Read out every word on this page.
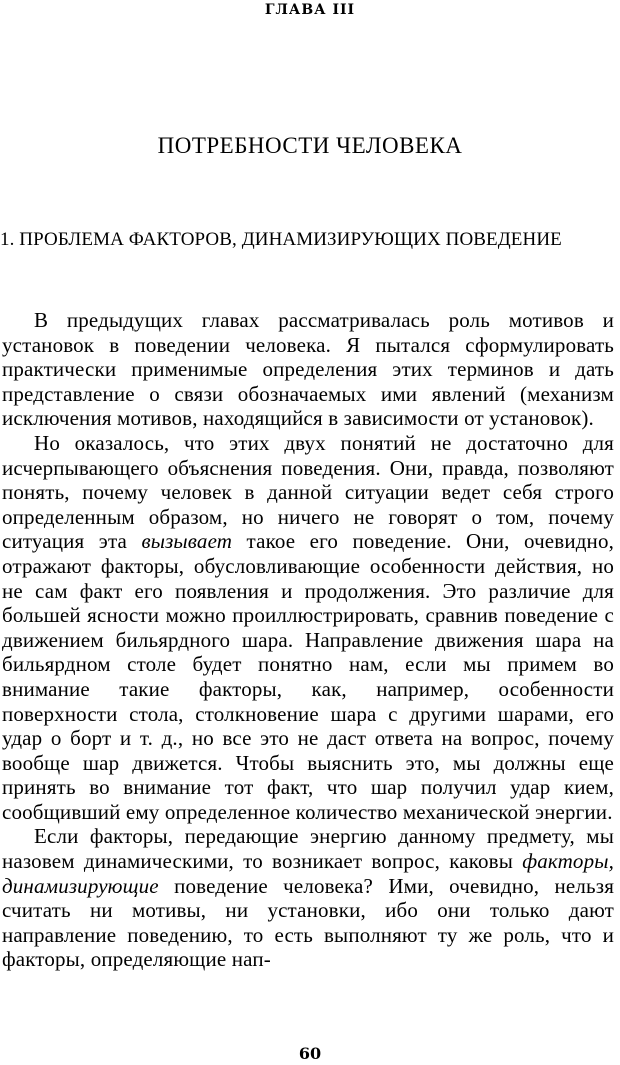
ГЛАВА III
ПОТРЕБНОСТИ ЧЕЛОВЕКА
1. ПРОБЛЕМА ФАКТОРОВ, ДИНАМИЗИРУЮЩИХ ПОВЕДЕНИЕ

В предыдущих главах рассматривалась роль мотивов и установок в поведении человека. Я пытался сформулировать практически применимые определения этих терминов и дать представление о связи обозначаемых ими явлений (механизм исключения мотивов, находящийся в зависимости от установок).

Но оказалось, что этих двух понятий не достаточно для исчерпывающего объяснения поведения. Они, правда, позволяют понять, почему человек в данной ситуации ведет себя строго определенным образом, но ничего не говорят о том, почему ситуация эта вызывает такое его поведение. Они, очевидно, отражают факторы, обусловливающие особенности действия, но не сам факт его появления и продолжения. Это различие для большей ясности можно проиллюстрировать, сравнив поведение с движением бильярдного шара. Направление движения шара на бильярдном столе будет понятно нам, если мы примем во внимание такие факторы, как, например, особенности поверхности стола, столкновение шара с другими шарами, его удар о борт и т. д., но все это не даст ответа на вопрос, почему вообще шар движется. Чтобы выяснить это, мы должны еще принять во внимание тот факт, что шар получил удар кием, сообщивший ему определенное количество механической энергии.

Если факторы, передающие энергию данному предмету, мы назовем динамическими, то возникает вопрос, каковы факторы, динамизирующие поведение человека? Ими, очевидно, нельзя считать ни мотивы, ни установки, ибо они только дают направление поведению, то есть выполняют ту же роль, что и факторы, определяющие нап-

60
